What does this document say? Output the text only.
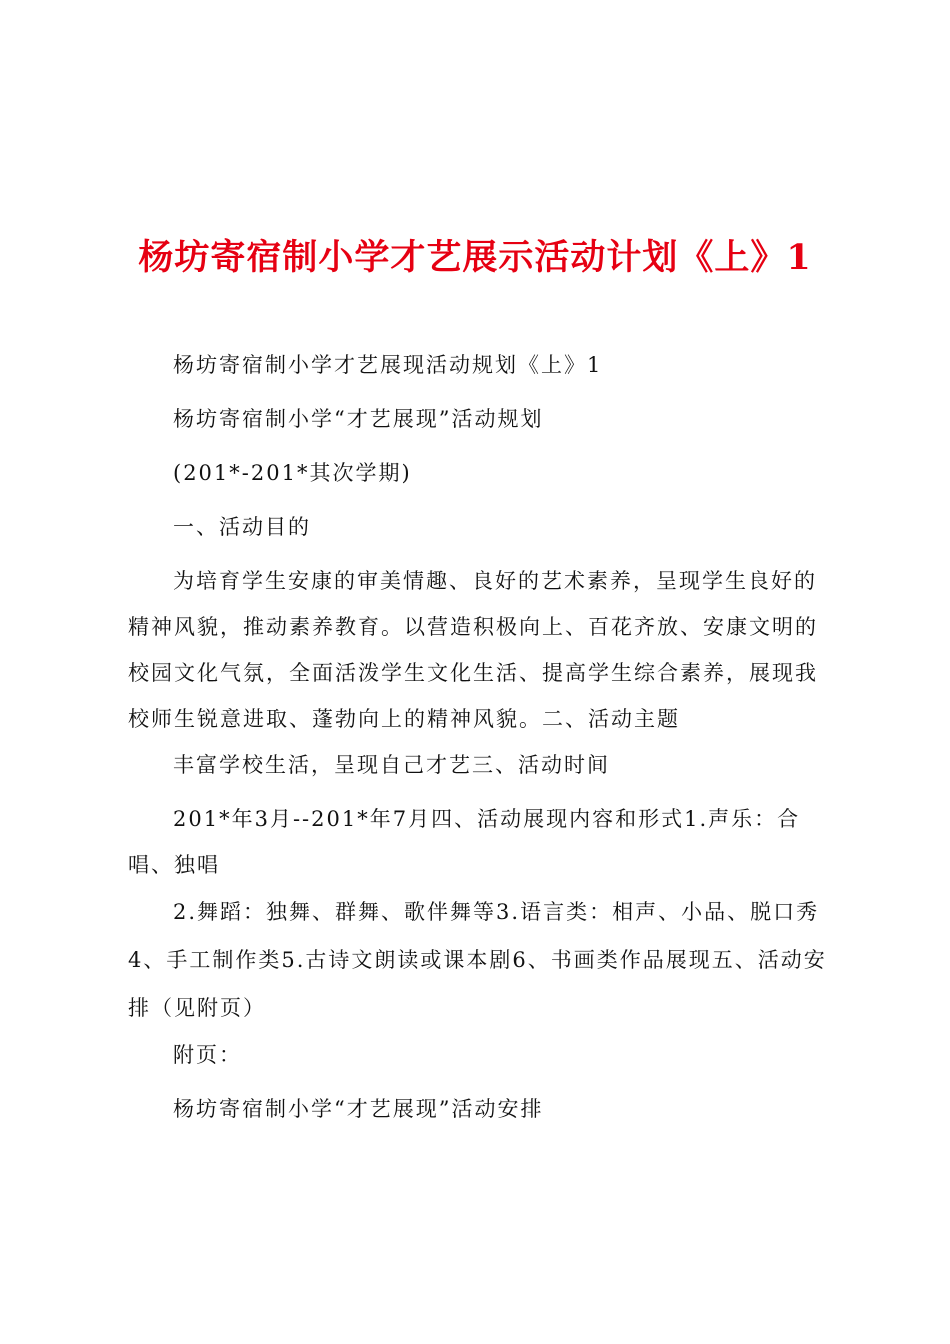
杨坊寄宿制小学才艺展示活动计划《上》1

杨坊寄宿制小学才艺展现活动规划《上》1

杨坊寄宿制小学“才艺展现”活动规划

(201*-201*其次学期)

一、活动目的

为培育学生安康的审美情趣、良好的艺术素养，呈现学生良好的精神风貌，推动素养教育。以营造积极向上、百花齐放、安康文明的校园文化气氛，全面活泼学生文化生活、提高学生综合素养，展现我校师生锐意进取、蓬勃向上的精神风貌。二、活动主题

丰富学校生活，呈现自己才艺三、活动时间

201*年3月--201*年7月四、活动展现内容和形式1.声乐：合唱、独唱

2.舞蹈：独舞、群舞、歌伴舞等3.语言类：相声、小品、脱口秀4、手工制作类5.古诗文朗读或课本剧6、书画类作品展现五、活动安排（见附页）

附页：

杨坊寄宿制小学“才艺展现”活动安排
